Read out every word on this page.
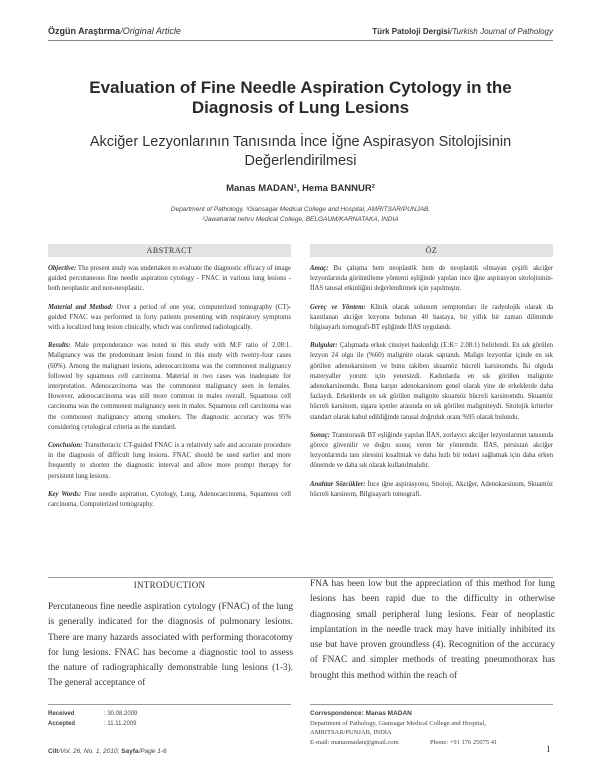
Özgün Araştırma/Original Article	Türk Patoloji Dergisi/Turkish Journal of Pathology
Evaluation of Fine Needle Aspiration Cytology in the Diagnosis of Lung Lesions
Akciğer Lezyonlarının Tanısında İnce İğne Aspirasyon Sitolojisinin Değerlendirilmesi
Manas MADAN¹, Hema BANNUR²
Department of Pathology, ¹Giansagar Medical College and Hospital, AMRITSAR/PUNJAB,
²Jawaharlal nehru Medical College, BELGAUM/KARNATAKA, INDIA
ABSTRACT	ÖZ

Objective: The present study was undertaken to evaluate the diagnostic efficacy of image guided percutaneous fine needle aspiration cytology - FNAC in various lung lesions - both neoplastic and non-neoplastic.

Material and Method: Over a period of one year, computerized tomography (CT)-guided FNAC was performed in forty patients presenting with respiratory symptoms with a localized lung lesion clinically, which was confirmed radiologically.

Results: Male preponderance was noted in this study with M:F ratio of 2.08:1. Malignancy was the predominant lesion found in this study with twenty-four cases (60%). Among the malignant lesions, adenocarcinoma was the commonest malignancy followed by squamous cell carcinoma. Material in two cases was inadequate for interpretation. Adenocarcinoma was the commonest malignancy seen in females. However, adenocarcinoma was still more common in males overall. Squamous cell carcinoma was the commonest malignancy seen in males. Squamous cell carcinoma was the commonest malignancy among smokers. The diagnostic accuracy was 95% considering cytological criteria as the standard.

Conclusion: Transthoracic CT-guided FNAC is a relatively safe and accurate procedure in the diagnosis of difficult lung lesions. FNAC should be used earlier and more frequently to shorten the diagnostic interval and allow more prompt therapy for persistent lung lesions.

Key Words: Fine needle aspiration, Cytology, Lung, Adenocarcinoma, Squamous cell carcinoma, Computerized tomography.

Amaç: Bu çalışma hem neoplastik hem de neoplastik olmayan çeşitli akciğer lezyonlarında görüntüleme yöntemi eşliğinde yapılan ince iğne aspirasyon sitolojisinin-İİAS tanısal etkinliğini değerlendirmek için yapılmıştır.

Gereç ve Yöntem: Klinik olarak solunum semptomları ile radyolojik olarak da kanıtlanan akciğer lezyonu bulunan 40 hastaya, bir yıllık bir zaman diliminde bilgisayarlı tomografi-BT eşliğinde İİAS uygulandı.

Bulgular: Çalışmada erkek cinsiyet baskınlığı (E:K= 2.08:1) belirlendi. En sık görülen lezyon 24 olgu ile (%60) malignite olarak saptandı. Malign lezyonlar içinde en sık görülen adenokarsinom ve bunu takiben skuamöz hücreli karsinomdu. İki olguda materyaller yorum için yetersizdi. Kadınlarda en sık görülen malignite adenokarsinomdu. Buna karşın adenokarsinom genel olarak yine de erkeklerde daha fazlaydı. Erkeklerde en sık görülen malignite skuamöz hücreli karsinomdu. Skuamöz hücreli karsinom, sigara içenler arasında en sık görülen maligniteydi. Sitolojik kriterler standart olarak kabul edildiğinde tanısal doğruluk oranı %95 olarak bulundu.

Sonuç: Transtorasik BT eşliğinde yapılan İİAS, zorlayıcı akciğer lezyonlarının tanısında görece güvenilir ve doğru sonuç veren bir yöntemdir. İİAS, persistan akciğer lezyonlarında tanı süresini kısaltmak ve daha hızlı bir tedavi sağlamak için daha erken dönemde ve daha sık olarak kullanılmalıdır.

Anahtar Sözcükler: İnce iğne aspirasyonu, Sitoloji, Akciğer, Adenokarsinom, Skuamöz hücreli karsinom, Bilgisayarlı tomografi.

INTRODUCTION

Percutaneous fine needle aspiration cytology (FNAC) of the lung is generally indicated for the diagnosis of pulmonary lesions. There are many hazards associated with performing thoracotomy for lung lesions. FNAC has become a diagnostic tool to assess the nature of radiographically demonstrable lung lesions (1-3). The general acceptance of

FNA has been low but the appreciation of this method for lung lesions has been rapid due to the difficulty in otherwise diagnosing small peripheral lung lesions. Fear of neoplastic implantation in the needle track may have initially inhibited its use but have proven groundless (4). Recognition of the accuracy of FNAC and simpler methods of treating pneumothorax has brought this method within the reach of

Received	: 30.08.2009
Accepted	: 11.11.2009
Correspondence: Manas MADAN
Department of Pathology, Giansagar Medical College and Hospital,
AMRITSAR/PUNJAB, INDIA
E-mail: manasmadan@gmail.com	Phone: +91 176 25075 41
Cilt/Vol. 26, No. 1, 2010; Sayfa/Page 1-6	1
